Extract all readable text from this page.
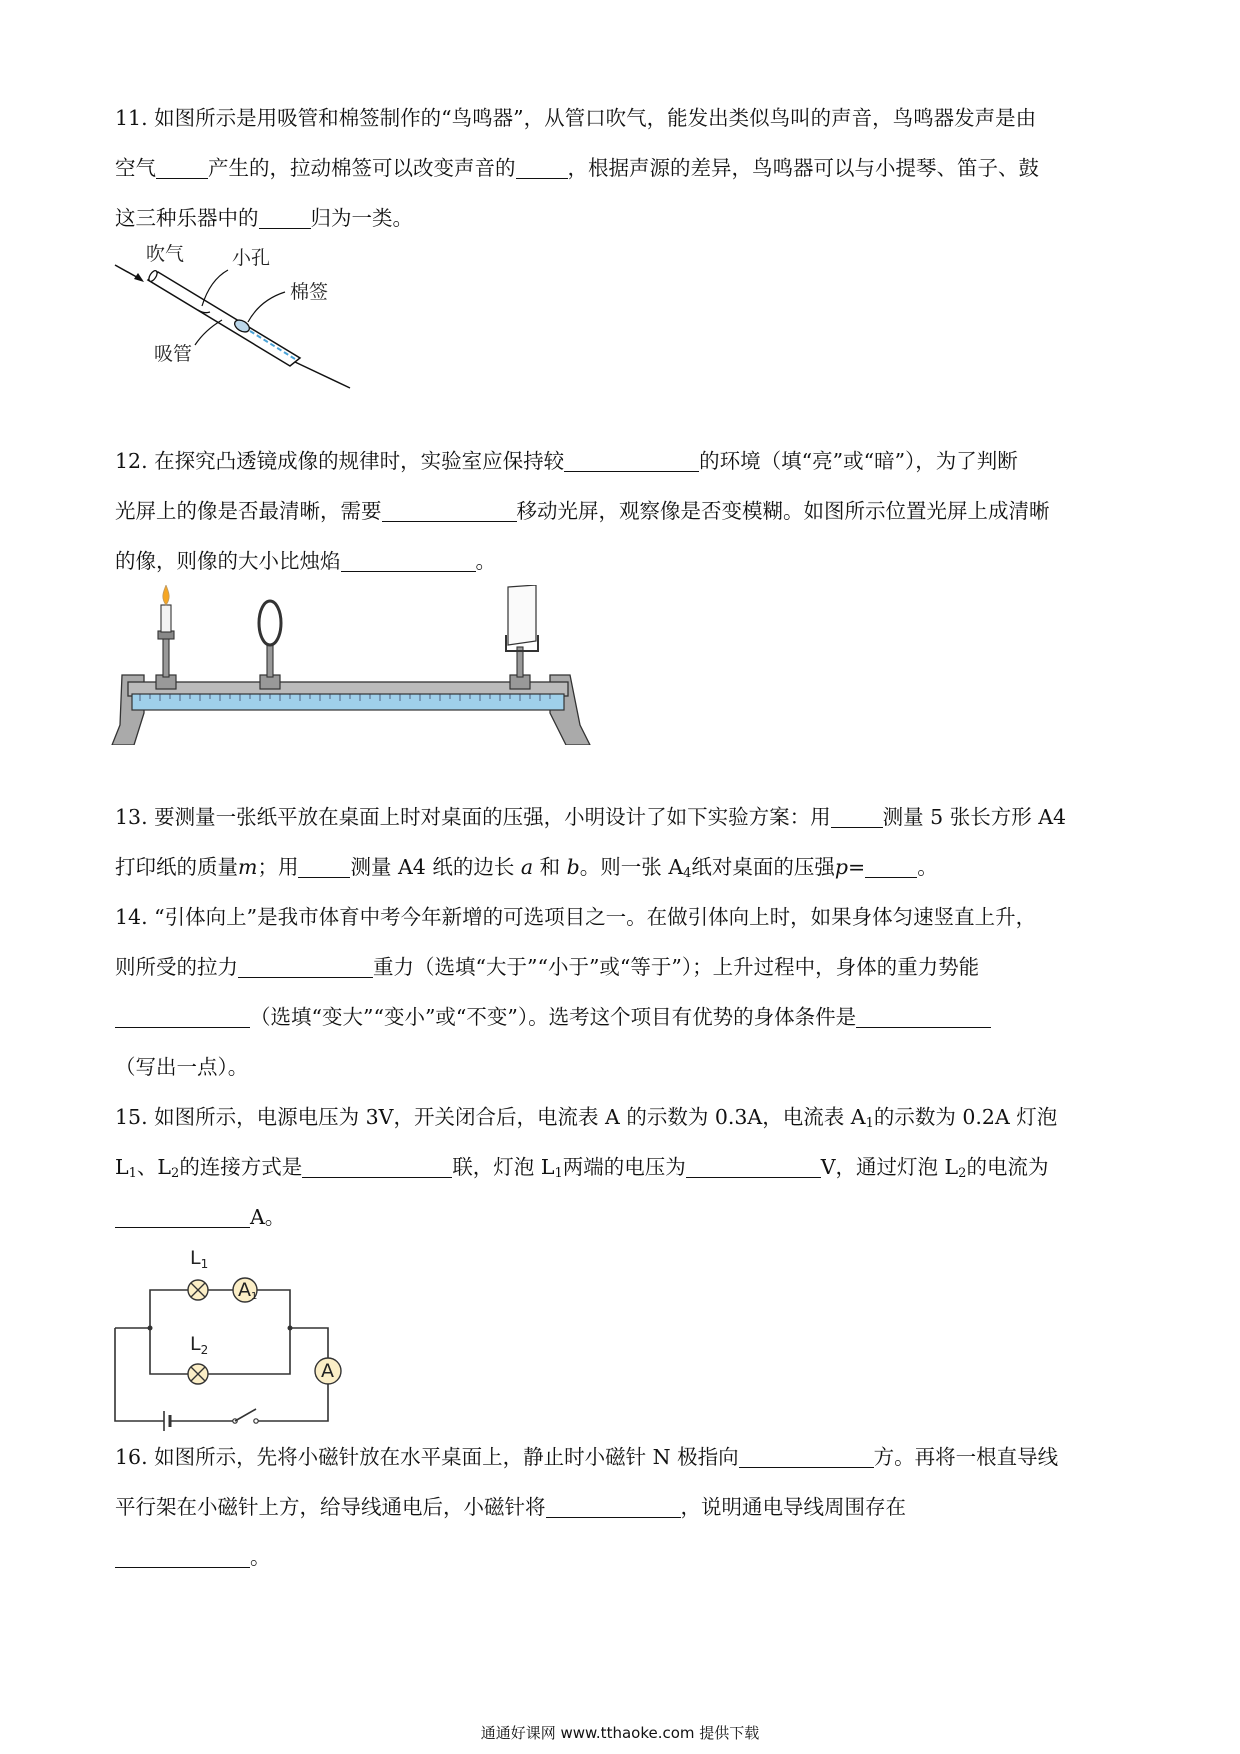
11. 如图所示是用吸管和棉签制作的“鸟鸣器”，从管口吹气，能发出类似鸟叫的声音，鸟鸣器发声是由
空气	产生的，拉动棉签可以改变声音的	，根据声源的差异，鸟鸣器可以与小提琴、笛子、鼓
这三种乐器中的	归为一类。
吹气	小孔
棉签
吸管
12. 在探究凸透镜成像的规律时，实验室应保持较	的环境（填“亮”或“暗”），为了判断
光屏上的像是否最清晰，需要	移动光屏，观察像是否变模糊。如图所示位置光屏上成清晰
的像，则像的大小比烛焰	。
13. 要测量一张纸平放在桌面上时对桌面的压强，小明设计了如下实验方案：用	测量 5 张长方形 A4
打印纸的质量m；用	测量 A4 纸的边长 a 和 b。则一张 $A_4$纸对桌面的压强p=	。
14. “引体向上”是我市体育中考今年新增的可选项目之一。在做引体向上时，如果身体匀速竖直上升，
则所受的拉力	重力（选填“大于”“小于”或“等于”）；上升过程中，身体的重力势能
（选填“变大”“变小”或“不变”）。选考这个项目有优势的身体条件是
（写出一点）。
15. 如图所示，电源电压为 3V，开关闭合后，电流表 A 的示数为 0.3A，电流表 $A_1$的示数为 0.2A 灯泡
$L_1$、$L_2$的连接方式是	联，灯泡 $L_1$两端的电压为	V，通过灯泡 $L_2$的电流为
A。
$L_1$
A1
$L_2$
A
16. 如图所示，先将小磁针放在水平桌面上，静止时小磁针 N 极指向	方。再将一根直导线
平行架在小磁针上方，给导线通电后，小磁针将	，说明通电导线周围存在
。
通通好课网 www.tthaoke.com 提供下载
